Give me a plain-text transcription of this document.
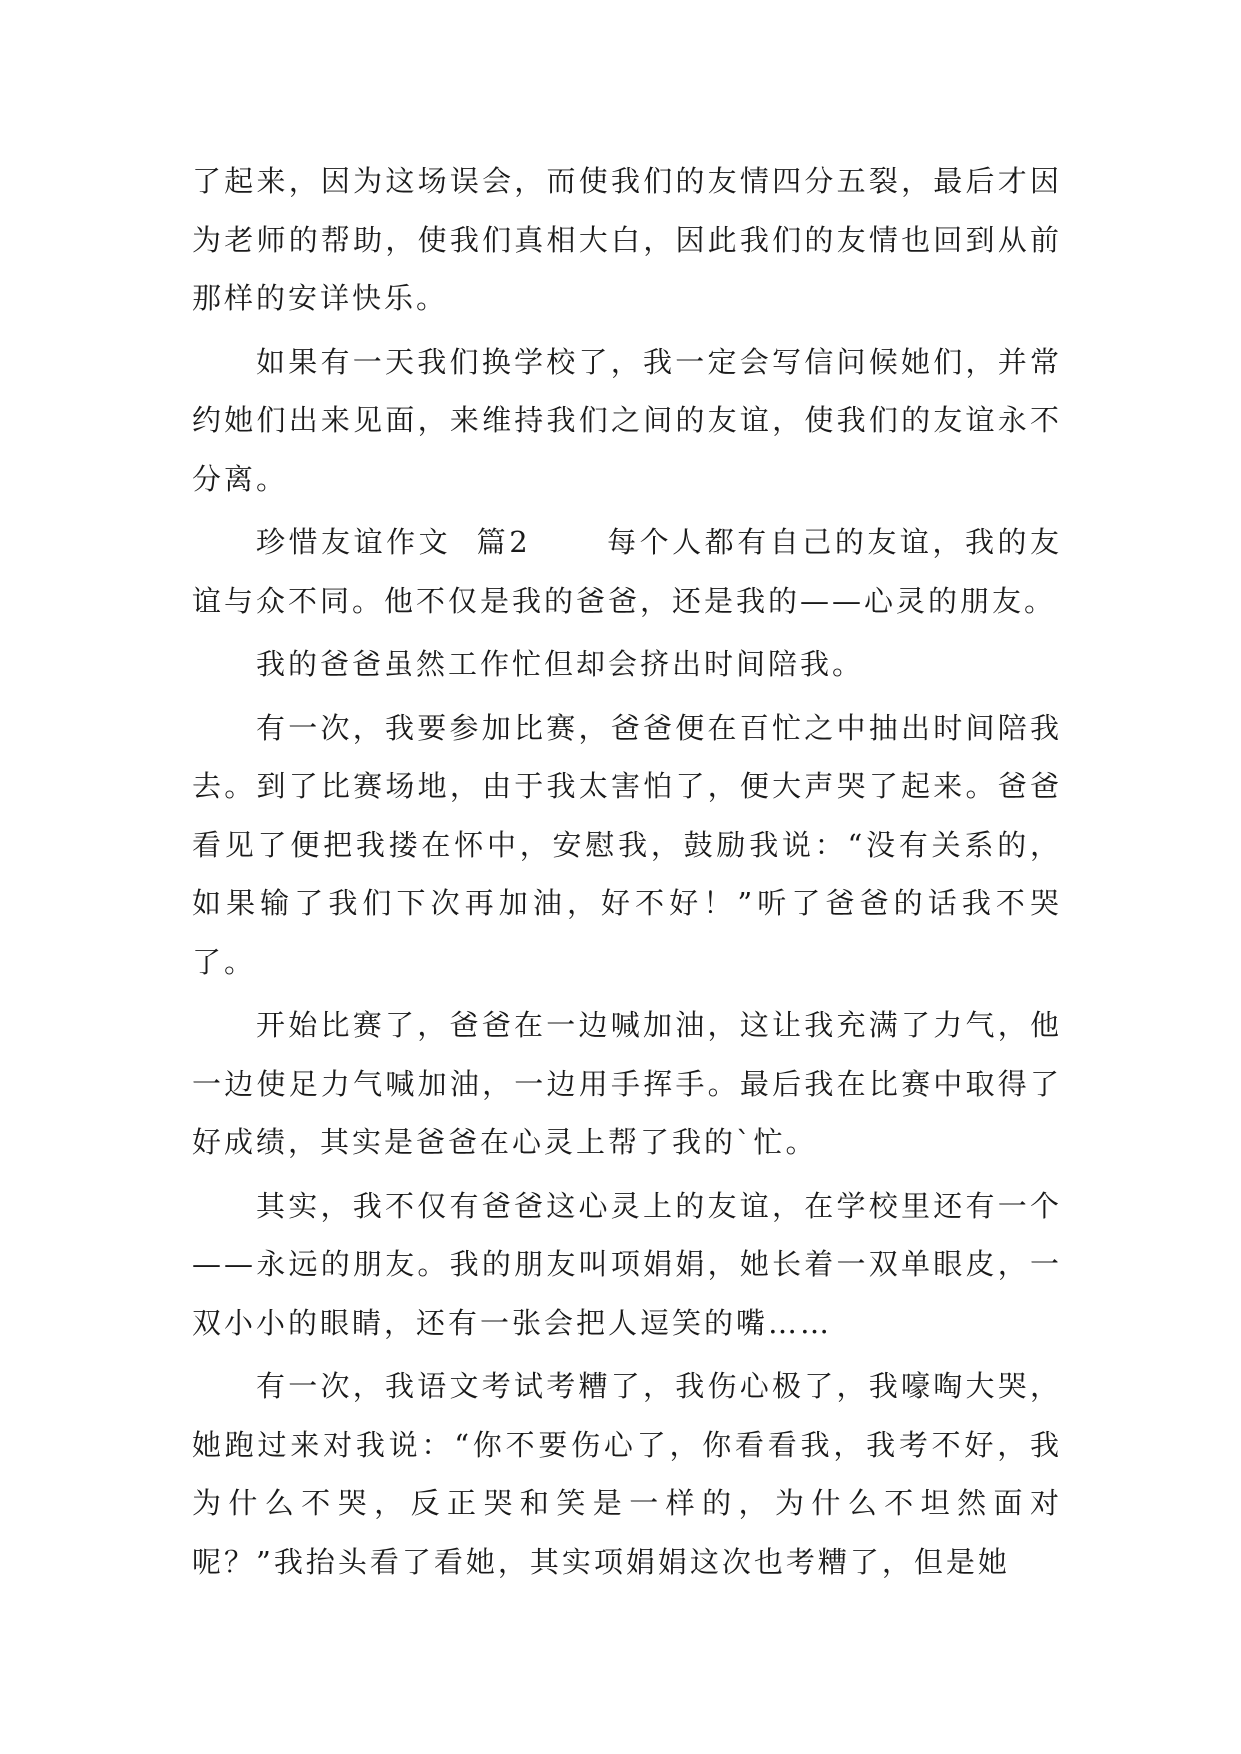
了起来，因为这场误会，而使我们的友情四分五裂，最后才因为老师的帮助，使我们真相大白，因此我们的友情也回到从前那样的安详快乐。

如果有一天我们换学校了，我一定会写信问候她们，并常约她们出来见面，来维持我们之间的友谊，使我们的友谊永不分离。

珍惜友谊作文  篇2      每个人都有自己的友谊，我的友谊与众不同。他不仅是我的爸爸，还是我的——心灵的朋友。

我的爸爸虽然工作忙但却会挤出时间陪我。

有一次，我要参加比赛，爸爸便在百忙之中抽出时间陪我去。到了比赛场地，由于我太害怕了，便大声哭了起来。爸爸看见了便把我搂在怀中，安慰我，鼓励我说：“没有关系的，如果输了我们下次再加油，好不好！”听了爸爸的话我不哭了。

开始比赛了，爸爸在一边喊加油，这让我充满了力气，他一边使足力气喊加油，一边用手挥手。最后我在比赛中取得了好成绩，其实是爸爸在心灵上帮了我的`忙。

其实，我不仅有爸爸这心灵上的友谊，在学校里还有一个——永远的朋友。我的朋友叫项娟娟，她长着一双单眼皮，一双小小的眼睛，还有一张会把人逗笑的嘴……

有一次，我语文考试考糟了，我伤心极了，我嚎啕大哭，她跑过来对我说：“你不要伤心了，你看看我，我考不好，我为什么不哭，反正哭和笑是一样的，为什么不坦然面对呢？”我抬头看了看她，其实项娟娟这次也考糟了，但是她
